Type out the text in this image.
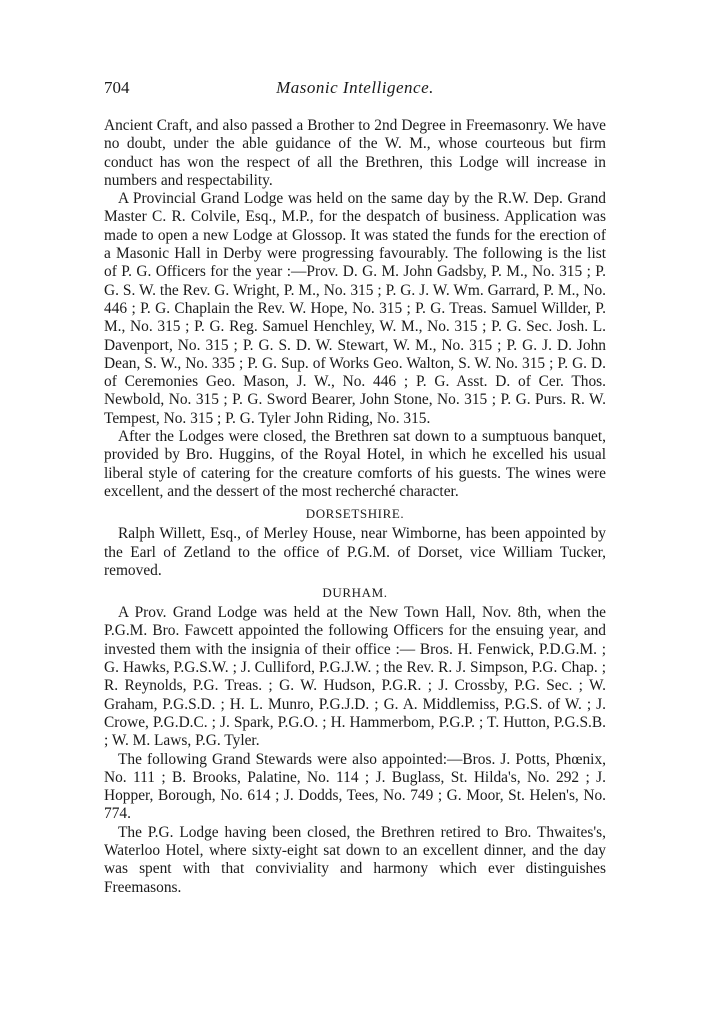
704	Masonic Intelligence.

Ancient Craft, and also passed a Brother to 2nd Degree in Freemasonry. We have no doubt, under the able guidance of the W. M., whose courteous but firm conduct has won the respect of all the Brethren, this Lodge will increase in numbers and respectability.

A Provincial Grand Lodge was held on the same day by the R.W. Dep. Grand Master C. R. Colvile, Esq., M.P., for the despatch of business. Application was made to open a new Lodge at Glossop. It was stated the funds for the erection of a Masonic Hall in Derby were progressing favourably. The following is the list of P. G. Officers for the year :—Prov. D. G. M. John Gadsby, P. M., No. 315 ; P. G. S. W. the Rev. G. Wright, P. M., No. 315 ; P. G. J. W. Wm. Garrard, P. M., No. 446 ; P. G. Chaplain the Rev. W. Hope, No. 315 ; P. G. Treas. Samuel Willder, P. M., No. 315 ; P. G. Reg. Samuel Henchley, W. M., No. 315 ; P. G. Sec. Josh. L. Davenport, No. 315 ; P. G. S. D. W. Stewart, W. M., No. 315 ; P. G. J. D. John Dean, S. W., No. 335 ; P. G. Sup. of Works Geo. Walton, S. W. No. 315 ; P. G. D. of Ceremonies Geo. Mason, J. W., No. 446 ; P. G. Asst. D. of Cer. Thos. Newbold, No. 315 ; P. G. Sword Bearer, John Stone, No. 315 ; P. G. Purs. R. W. Tempest, No. 315 ; P. G. Tyler John Riding, No. 315.

After the Lodges were closed, the Brethren sat down to a sumptuous banquet, provided by Bro. Huggins, of the Royal Hotel, in which he excelled his usual liberal style of catering for the creature comforts of his guests. The wines were excellent, and the dessert of the most recherché character.

DORSETSHIRE.

Ralph Willett, Esq., of Merley House, near Wimborne, has been appointed by the Earl of Zetland to the office of P.G.M. of Dorset, vice William Tucker, removed.

DURHAM.

A Prov. Grand Lodge was held at the New Town Hall, Nov. 8th, when the P.G.M. Bro. Fawcett appointed the following Officers for the ensuing year, and invested them with the insignia of their office :— Bros. H. Fenwick, P.D.G.M. ; G. Hawks, P.G.S.W. ; J. Culliford, P.G.J.W. ; the Rev. R. J. Simpson, P.G. Chap. ; R. Reynolds, P.G. Treas. ; G. W. Hudson, P.G.R. ; J. Crossby, P.G. Sec. ; W. Graham, P.G.S.D. ; H. L. Munro, P.G.J.D. ; G. A. Middlemiss, P.G.S. of W. ; J. Crowe, P.G.D.C. ; J. Spark, P.G.O. ; H. Hammerbom, P.G.P. ; T. Hutton, P.G.S.B. ; W. M. Laws, P.G. Tyler.

The following Grand Stewards were also appointed:—Bros. J. Potts, Phœnix, No. 111 ; B. Brooks, Palatine, No. 114 ; J. Buglass, St. Hilda's, No. 292 ; J. Hopper, Borough, No. 614 ; J. Dodds, Tees, No. 749 ; G. Moor, St. Helen's, No. 774.

The P.G. Lodge having been closed, the Brethren retired to Bro. Thwaites's, Waterloo Hotel, where sixty-eight sat down to an excellent dinner, and the day was spent with that conviviality and harmony which ever distinguishes Freemasons.
